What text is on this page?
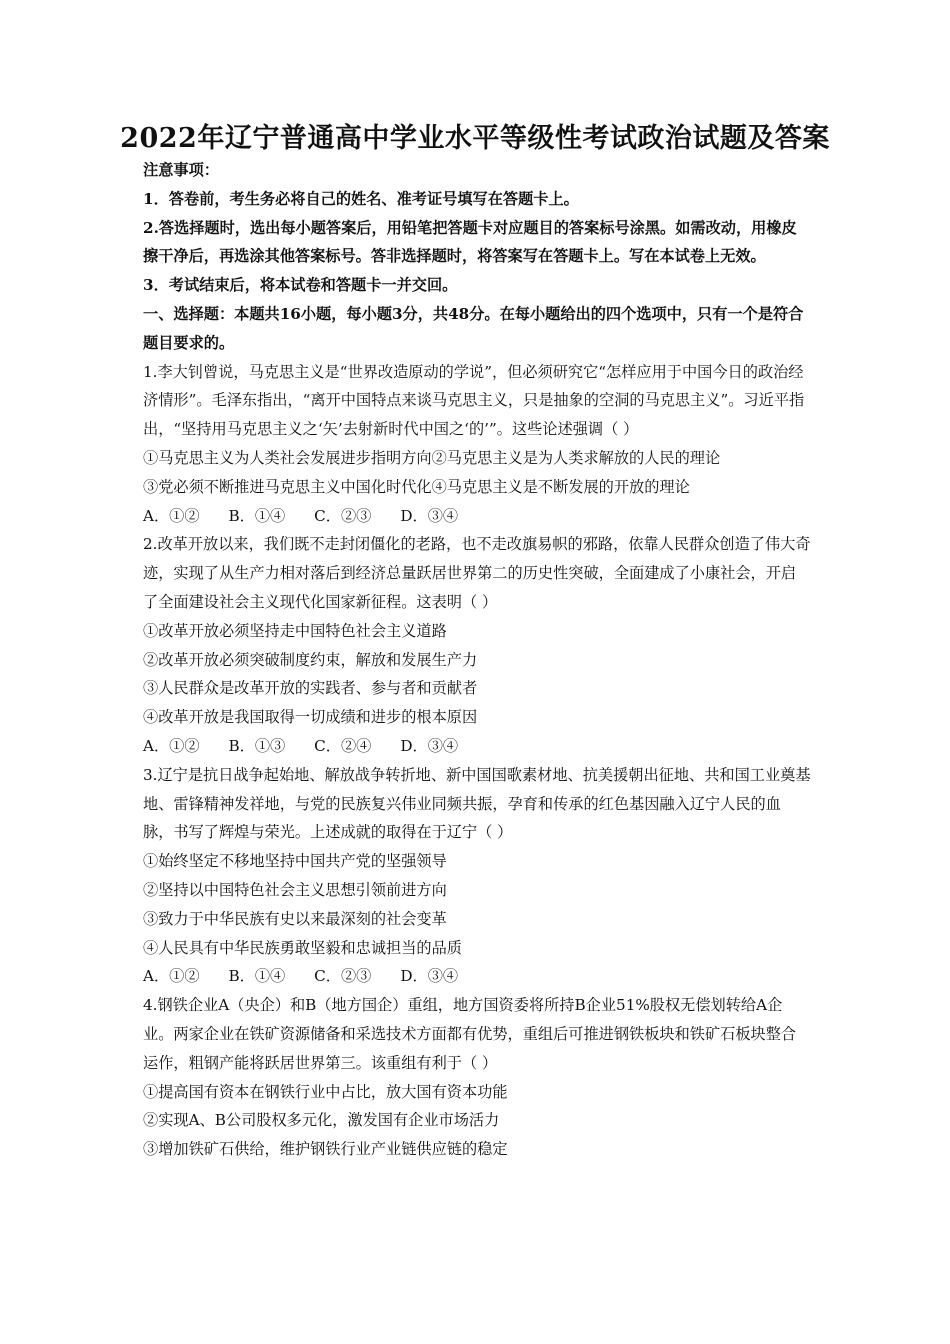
2022年辽宁普通高中学业水平等级性考试政治试题及答案

注意事项：

1．答卷前，考生务必将自己的姓名、准考证号填写在答题卡上。

2.答选择题时，选出每小题答案后，用铅笔把答题卡对应题目的答案标号涂黑。如需改动，用橡皮擦干净后，再选涂其他答案标号。答非选择题时，将答案写在答题卡上。写在本试卷上无效。

3．考试结束后，将本试卷和答题卡一并交回。

一、选择题：本题共16小题，每小题3分，共48分。在每小题给出的四个选项中，只有一个是符合题目要求的。

1.李大钊曾说，马克思主义是“世界改造原动的学说”，但必须研究它“怎样应用于中国今日的政治经济情形”。毛泽东指出，“离开中国特点来谈马克思主义，只是抽象的空洞的马克思主义”。习近平指出，“坚持用马克思主义之‘矢’去射新时代中国之‘的’”。这些论述强调（ ）

①马克思主义为人类社会发展进步指明方向②马克思主义是为人类求解放的人民的理论

③党必须不断推进马克思主义中国化时代化④马克思主义是不断发展的开放的理论

A．①②      B．①④      C．②③      D．③④

2.改革开放以来，我们既不走封闭僵化的老路，也不走改旗易帜的邪路，依靠人民群众创造了伟大奇迹，实现了从生产力相对落后到经济总量跃居世界第二的历史性突破，全面建成了小康社会，开启了全面建设社会主义现代化国家新征程。这表明（ ）

①改革开放必须坚持走中国特色社会主义道路

②改革开放必须突破制度约束，解放和发展生产力

③人民群众是改革开放的实践者、参与者和贡献者

④改革开放是我国取得一切成绩和进步的根本原因

A．①②      B．①③      C．②④      D．③④

3.辽宁是抗日战争起始地、解放战争转折地、新中国国歌素材地、抗美援朝出征地、共和国工业奠基地、雷锋精神发祥地，与党的民族复兴伟业同频共振，孕育和传承的红色基因融入辽宁人民的血脉，书写了辉煌与荣光。上述成就的取得在于辽宁（ ）

①始终坚定不移地坚持中国共产党的坚强领导

②坚持以中国特色社会主义思想引领前进方向

③致力于中华民族有史以来最深刻的社会变革

④人民具有中华民族勇敢坚毅和忠诚担当的品质

A．①②      B．①④      C．②③      D．③④

4.钢铁企业A（央企）和B（地方国企）重组，地方国资委将所持B企业51%股权无偿划转给A企业。两家企业在铁矿资源储备和采选技术方面都有优势，重组后可推进钢铁板块和铁矿石板块整合运作，粗钢产能将跃居世界第三。该重组有利于（ ）

①提高国有资本在钢铁行业中占比，放大国有资本功能

②实现A、B公司股权多元化，激发国有企业市场活力

③增加铁矿石供给，维护钢铁行业产业链供应链的稳定
